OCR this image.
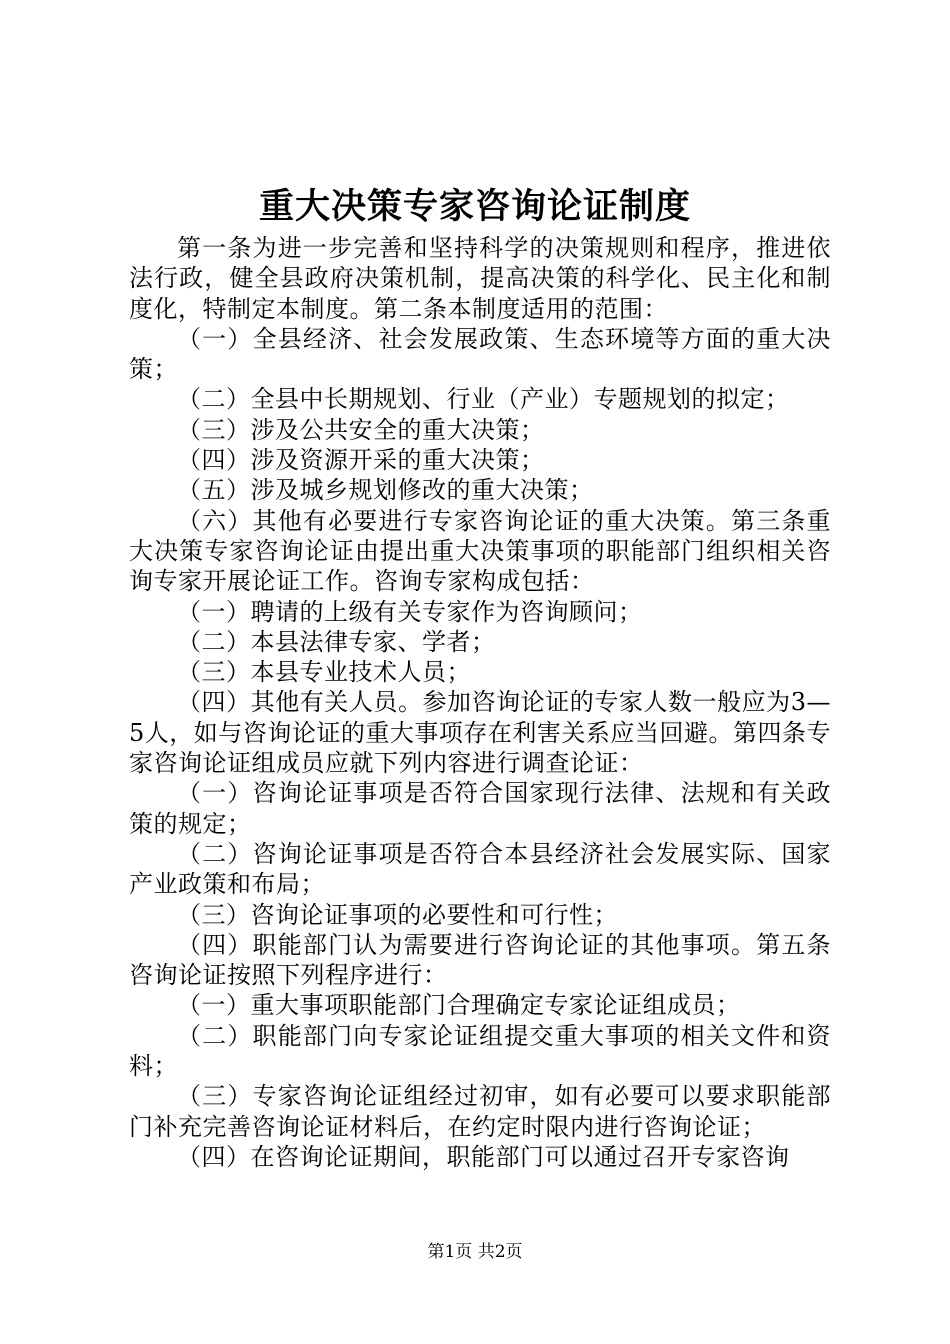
重大决策专家咨询论证制度

第一条为进一步完善和坚持科学的决策规则和程序，推进依法行政，健全县政府决策机制，提高决策的科学化、民主化和制度化，特制定本制度。第二条本制度适用的范围：

（一）全县经济、社会发展政策、生态环境等方面的重大决策；

（二）全县中长期规划、行业（产业）专题规划的拟定；

（三）涉及公共安全的重大决策；

（四）涉及资源开采的重大决策；

（五）涉及城乡规划修改的重大决策；

（六）其他有必要进行专家咨询论证的重大决策。第三条重大决策专家咨询论证由提出重大决策事项的职能部门组织相关咨询专家开展论证工作。咨询专家构成包括：

（一）聘请的上级有关专家作为咨询顾问；

（二）本县法律专家、学者；

（三）本县专业技术人员；

（四）其他有关人员。参加咨询论证的专家人数一般应为3—5人，如与咨询论证的重大事项存在利害关系应当回避。第四条专家咨询论证组成员应就下列内容进行调查论证：

（一）咨询论证事项是否符合国家现行法律、法规和有关政策的规定；

（二）咨询论证事项是否符合本县经济社会发展实际、国家产业政策和布局；

（三）咨询论证事项的必要性和可行性；

（四）职能部门认为需要进行咨询论证的其他事项。第五条咨询论证按照下列程序进行：

（一）重大事项职能部门合理确定专家论证组成员；

（二）职能部门向专家论证组提交重大事项的相关文件和资料；

（三）专家咨询论证组经过初审，如有必要可以要求职能部门补充完善咨询论证材料后，在约定时限内进行咨询论证；

（四）在咨询论证期间，职能部门可以通过召开专家咨询

第1页 共2页
